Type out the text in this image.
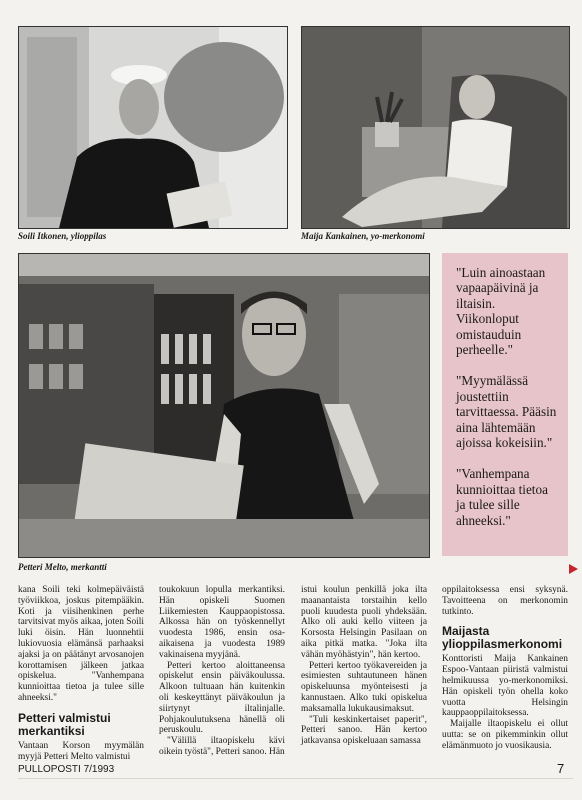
Soili Itkonen, ylioppilas	Maija Kankainen, yo-merkonomi
Petteri Melto, merkantti

"Luin ainoastaan vapaapäivinä ja iltaisin. Viikonloput omistauduin perheelle."

"Myymälässä joustettiin tarvittaessa. Pääsin aina lähtemään ajoissa kokeisiin."

"Vanhempana kunnioittaa tietoa ja tulee sille ahneeksi."

kana Soili teki kolmepäiväistä työviikkoa, joskus pitempääkin. Koti ja viisihenkinen perhe tarvitsivat myös aikaa, joten Soili luki öisin. Hän luonnehtii lukiovuosia elämänsä parhaaksi ajaksi ja on päätänyt arvosanojen korottamisen jälkeen jatkaa opiskelua. "Vanhempana kunnioittaa tietoa ja tulee sille ahneeksi."

Petteri valmistui merkantiksi

Vantaan Korson myymälän myyjä Petteri Melto valmistui

toukokuun lopulla merkantiksi. Hän opiskeli Suomen Liikemiesten Kauppaopistossa. Alkossa hän on työskennellyt vuodesta 1986, ensin osa-aikaisena ja vuodesta 1989 vakinaisena myyjänä.

Petteri kertoo aloittaneensa opiskelut ensin päiväkoulussa. Alkoon tultuaan hän kuitenkin oli keskeyttänyt päiväkoulun ja siirtynyt iltalinjalle. Pohjakoulutuksena hänellä oli peruskoulu.

"Välillä iltaopiskelu kävi oikein työstä", Petteri sanoo. Hän

istui koulun penkillä joka ilta maanantaista torstaihin kello puoli kuudesta puoli yhdeksään. Alko oli auki kello viiteen ja Korsosta Helsingin Pasilaan on aika pitkä matka. "Joka ilta vähän myöhästyin", hän kertoo.

Petteri kertoo työkavereiden ja esimiesten suhtautuneen hänen opiskeluunsa myönteisesti ja kannustaen. Alko tuki opiskelua maksamalla lukukausimaksut.

"Tuli keskinkertaiset paperit", Petteri sanoo. Hän kertoo jatkavansa opiskeluaan samassa

oppilaitoksessa ensi syksynä. Tavoitteena on merkonomin tutkinto.

Maijasta ylioppilasmerkonomi

Konttoristi Maija Kankainen Espoo-Vantaan piiristä valmistui helmikuussa yo-merkonomiksi. Hän opiskeli työn ohella koko vuotta Helsingin kauppaoppilaitoksessa.

Maijalle iltaopiskelu ei ollut uutta: se on pikemminkin ollut elämänmuoto jo vuosikausia.

PULLOPOSTI 7/1993	7
